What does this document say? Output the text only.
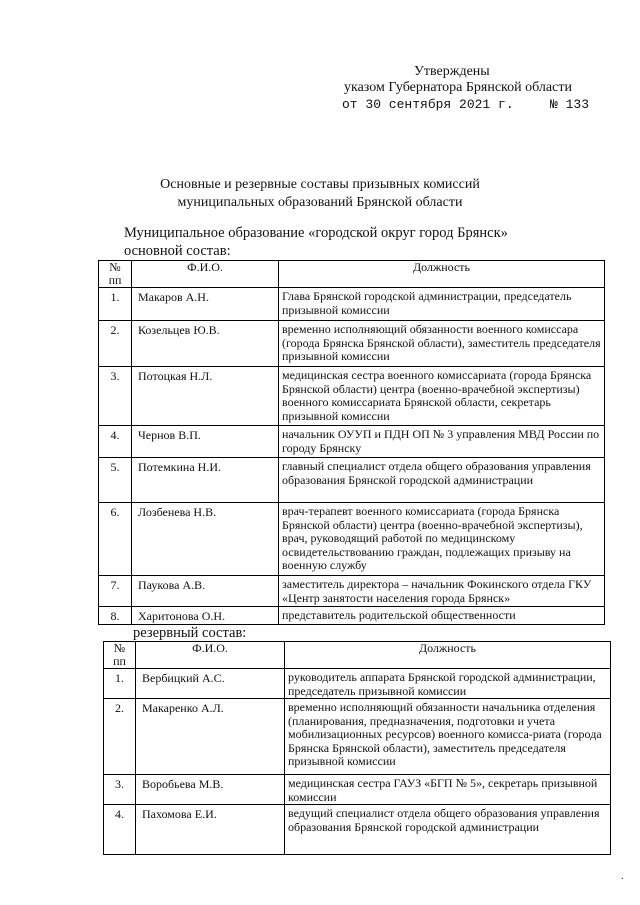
Утверждены
указом Губернатора Брянской области
от 30 сентября 2021 г.	№ 133
Основные и резервные составы призывных комиссий
муниципальных образований Брянской области
Муниципальное образование «городской округ город Брянск»
основной состав:
№ пп	Ф.И.О.	Должность
1.	Макаров А.Н.	Глава Брянской городской администрации, председатель призывной комиссии
2.	Козельцев Ю.В.	временно исполняющий обязанности военного комиссара (города Брянска Брянской области), заместитель председателя призывной комиссии
3.	Потоцкая Н.Л.	медицинская сестра военного комиссариата (города Брянска Брянской области) центра (военно-врачебной экспертизы) военного комиссариата Брянской области, секретарь призывной комиссии
4.	Чернов В.П.	начальник ОУУП и ПДН ОП № 3 управления МВД России по городу Брянску
5.	Потемкина Н.И.	главный специалист отдела общего образования управления образования Брянской городской администрации
6.	Лозбенева Н.В.	врач-терапевт военного комиссариата (города Брянска Брянской области) центра (военно-врачебной экспертизы), врач, руководящий работой по медицинскому освидетельствованию граждан, подлежащих призыву на военную службу
7.	Паукова А.В.	заместитель директора – начальник Фокинского отдела ГКУ «Центр занятости населения города Брянск»
8.	Харитонова О.Н.	представитель родительской общественности
резервный состав:
№ пп	Ф.И.О.	Должность
1.	Вербицкий А.С.	руководитель аппарата Брянской городской администрации, председатель призывной комиссии
2.	Макаренко А.Л.	временно исполняющий обязанности начальника отделения (планирования, предназначения, подготовки и учета мобилизационных ресурсов) военного комисса-риата (города Брянска Брянской области), заместитель председателя призывной комиссии
3.	Воробьева М.В.	медицинская сестра ГАУЗ «БГП № 5», секретарь призывной комиссии
4.	Пахомова Е.И.	ведущий специалист отдела общего образования управления образования Брянской городской администрации
·
